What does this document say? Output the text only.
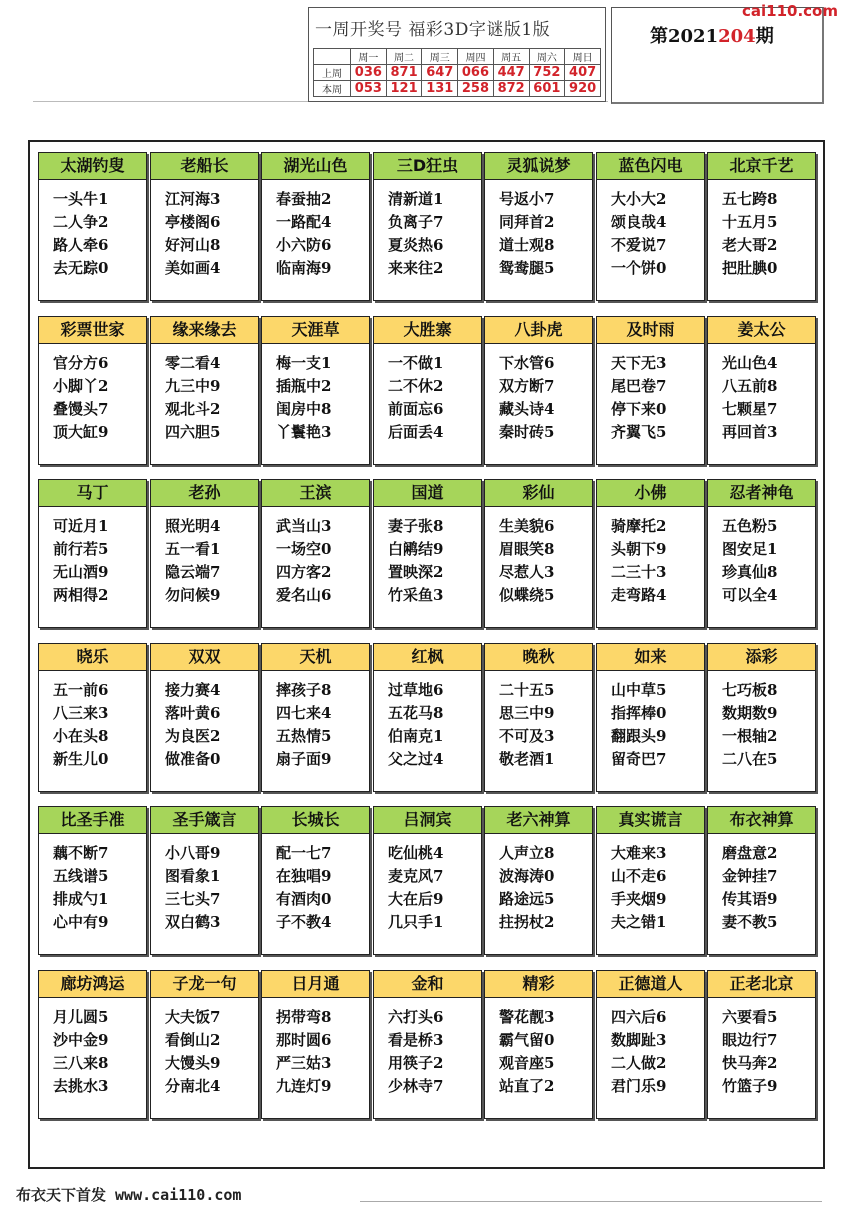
一周开奖号 福彩3D字谜版1版
	周一	周二	周三	周四	周五	周六	周日
上周	036	871	647	066	447	752	407
本周	053	121	131	258	872	601	920
第2021204期
cai110.com
太湖钓叟
一头牛1
二人争2
路人牵6
去无踪0
老船长
江河海3
亭楼阁6
好河山8
美如画4
湖光山色
春蚕抽2
一路配4
小六防6
临南海9
三D狂虫
清新道1
负离子7
夏炎热6
来来往2
灵狐说梦
号返小7
同拜首2
道士观8
鸳鸯腿5
蓝色闪电
大小大2
颂良哉4
不爱说7
一个饼0
北京千艺
五七跨8
十五月5
老大哥2
把肚腆0
彩票世家
官分方6
小脚丫2
叠馒头7
顶大缸9
缘来缘去
零二看4
九三中9
观北斗2
四六胆5
天涯草
梅一支1
插瓶中2
闺房中8
丫鬟艳3
大胜寨
一不做1
二不休2
前面忘6
后面丢4
八卦虎
下水管6
双方断7
藏头诗4
秦时砖5
及时雨
天下无3
尾巴卷7
停下来0
齐翼飞5
姜太公
光山色4
八五前8
七颗星7
再回首3
马丁
可近月1
前行若5
无山酒9
两相得2
老孙
照光明4
五一看1
隐云端7
勿问候9
王滨
武当山3
一场空0
四方客2
爱名山6
国道
妻子张8
白鹇结9
置映深2
竹采鱼3
彩仙
生美貌6
眉眼笑8
尽惹人3
似蝶绕5
小佛
骑摩托2
头朝下9
二三十3
走弯路4
忍者神龟
五色粉5
图安足1
珍真仙8
可以全4
晓乐
五一前6
八三来3
小在头8
新生儿0
双双
接力赛4
落叶黄6
为良医2
做准备0
天机
摔孩子8
四七来4
五热情5
扇子面9
红枫
过草地6
五花马8
伯南克1
父之过4
晚秋
二十五5
思三中9
不可及3
敬老酒1
如来
山中草5
指挥棒0
翻跟头9
留奇巴7
添彩
七巧板8
数期数9
一根轴2
二八在5
比圣手准
藕不断7
五线谱5
排成勺1
心中有9
圣手箴言
小八哥9
图看象1
三七头7
双白鹤3
长城长
配一七7
在独唱9
有酒肉0
子不教4
吕洞宾
吃仙桃4
麦克风7
大在后9
几只手1
老六神算
人声立8
波海涛0
路途远5
拄拐杖2
真实谎言
大难来3
山不走6
手夹烟9
夫之错1
布衣神算
磨盘意2
金钟挂7
传其语9
妻不教5
廊坊鸿运
月儿圆5
沙中金9
三八来8
去挑水3
子龙一句
大夫饭7
看倒山2
大馒头9
分南北4
日月通
拐带弯8
那时圆6
严三姑3
九连灯9
金和
六打头6
看是桥3
用筷子2
少林寺7
精彩
警花靓3
霸气留0
观音座5
站直了2
正德道人
四六后6
数脚趾3
二人做2
君门乐9
正老北京
六要看5
眼边行7
快马奔2
竹篮子9
布衣天下首发 www.cai110.com
